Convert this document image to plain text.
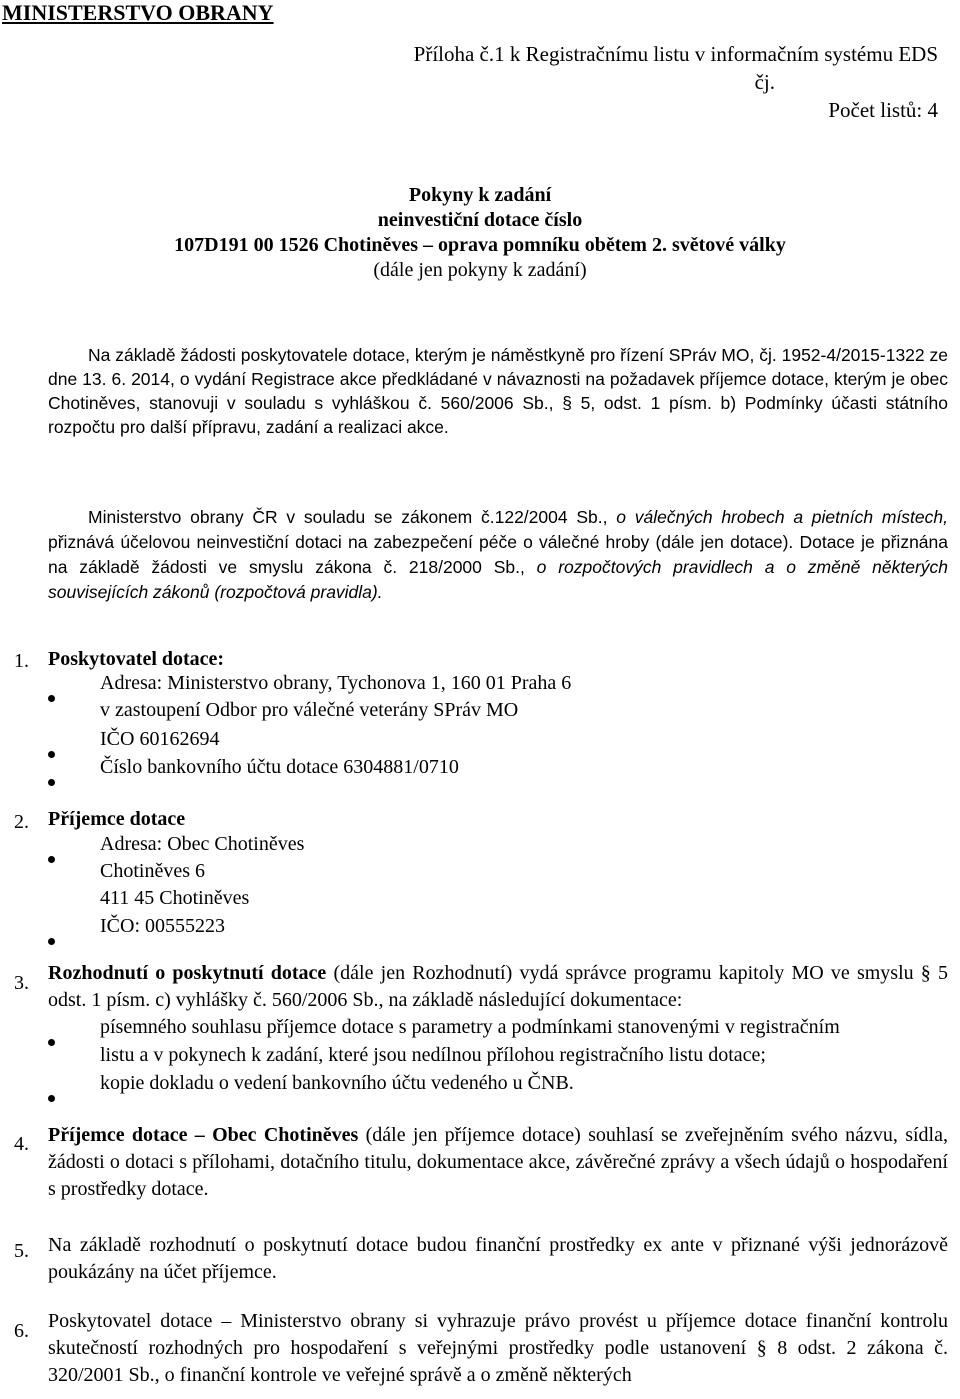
MINISTERSTVO OBRANY
Příloha č.1 k Registračnímu listu v informačním systému EDS
čj.
Počet listů: 4
Pokyny k zadání
neinvestiční dotace číslo
107D191 00 1526 Chotiněves – oprava pomníku obětem 2. světové války
(dále jen pokyny k zadání)
Na základě žádosti poskytovatele dotace, kterým je náměstkyně pro řízení SPráv MO, čj. 1952-4/2015-1322 ze dne 13. 6. 2014, o vydání Registrace akce předkládané v návaznosti na požadavek příjemce dotace, kterým je obec Chotiněves, stanovuji v souladu s vyhláškou č. 560/2006 Sb., § 5, odst. 1 písm. b) Podmínky účasti státního rozpočtu pro další přípravu, zadání a realizaci akce.
Ministerstvo obrany ČR v souladu se zákonem č.122/2004 Sb., o válečných hrobech a pietních místech, přiznává účelovou neinvestiční dotaci na zabezpečení péče o válečné hroby (dále jen dotace). Dotace je přiznána na základě žádosti ve smyslu zákona č. 218/2000 Sb., o rozpočtových pravidlech a o změně některých souvisejících zákonů (rozpočtová pravidla).
1. Poskytovatel dotace:
Adresa: Ministerstvo obrany, Tychonova 1, 160 01 Praha 6
v zastoupení Odbor pro válečné veterány SPráv MO
IČO 60162694
Číslo bankovního účtu dotace 6304881/0710
2. Příjemce dotace
Adresa: Obec Chotiněves
Chotiněves 6
411 45 Chotiněves
IČO: 00555223
3. Rozhodnutí o poskytnutí dotace (dále jen Rozhodnutí) vydá správce programu kapitoly MO ve smyslu § 5 odst. 1 písm. c) vyhlášky č. 560/2006 Sb., na základě následující dokumentace:
písemného souhlasu příjemce dotace s parametry a podmínkami stanovenými v registračním
listu a v pokynech k zadání, které jsou nedílnou přílohou registračního listu dotace;
kopie dokladu o vedení bankovního účtu vedeného u ČNB.
4. Příjemce dotace – Obec Chotiněves (dále jen příjemce dotace) souhlasí se zveřejněním svého názvu, sídla, žádosti o dotaci s přílohami, dotačního titulu, dokumentace akce, závěrečné zprávy a všech údajů o hospodaření s prostředky dotace.
5. Na základě rozhodnutí o poskytnutí dotace budou finanční prostředky ex ante v přiznané výši jednorázově poukázány na účet příjemce.
6. Poskytovatel dotace – Ministerstvo obrany si vyhrazuje právo provést u příjemce dotace finanční kontrolu skutečností rozhodných pro hospodaření s veřejnými prostředky podle ustanovení § 8 odst. 2 zákona č. 320/2001 Sb., o finanční kontrole ve veřejné správě a o změně některých
